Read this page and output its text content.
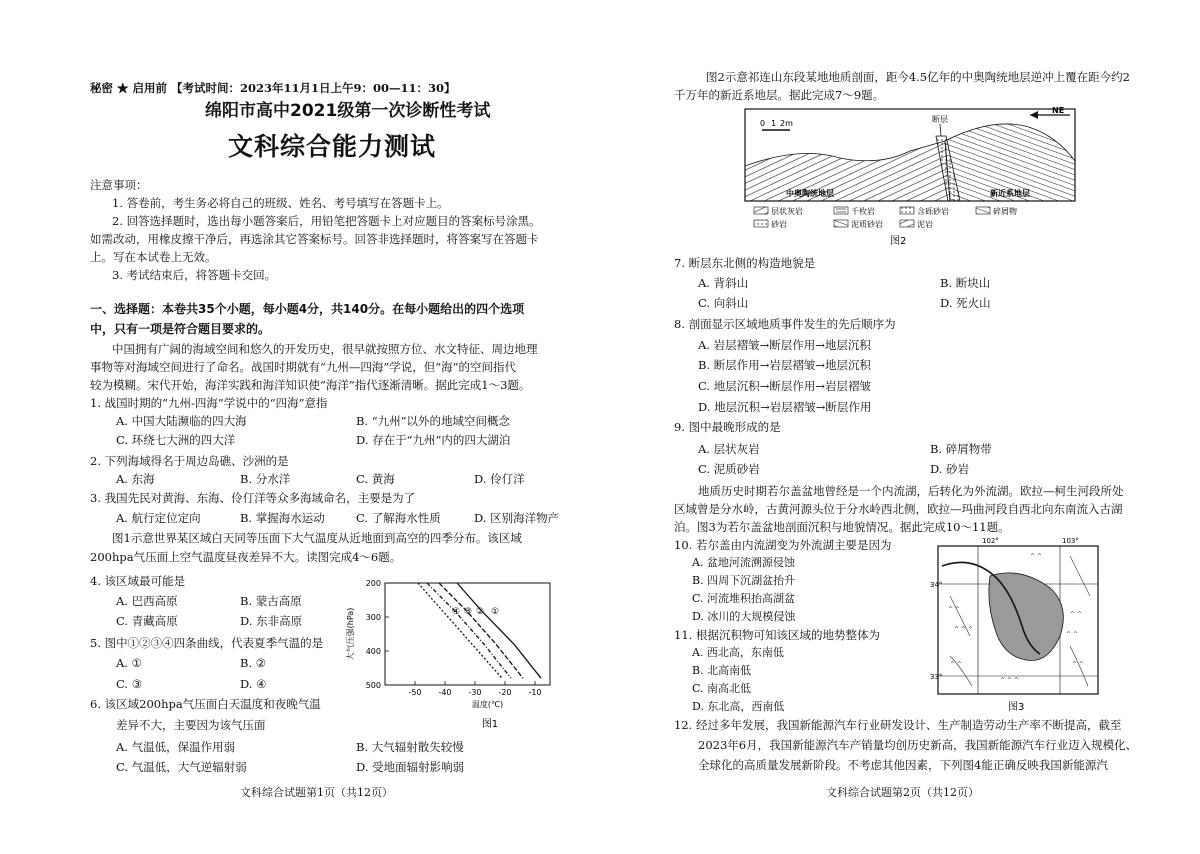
秘密 ★ 启用前 【考试时间：2023年11月1日上午9：00—11：30】
绵阳市高中2021级第一次诊断性考试
文科综合能力测试
注意事项：
1. 答卷前，考生务必将自己的班级、姓名、考号填写在答题卡上。
2. 回答选择题时，选出每小题答案后，用铅笔把答题卡上对应题目的答案标号涂黑。
如需改动，用橡皮擦干净后，再选涂其它答案标号。回答非选择题时，将答案写在答题卡
上。写在本试卷上无效。
3. 考试结束后，将答题卡交回。
一、选择题：本卷共35个小题，每小题4分，共140分。在每小题给出的四个选项
中，只有一项是符合题目要求的。
中国拥有广阔的海域空间和悠久的开发历史，很早就按照方位、水文特征、周边地理
事物等对海域空间进行了命名。战国时期就有“九州—四海”学说，但“海”的空间指代
较为模糊。宋代开始，海洋实践和海洋知识使“海洋”指代逐渐清晰。据此完成1～3题。
1. 战国时期的“九州-四海”学说中的“四海”意指
A. 中国大陆濒临的四大海	B. “九州”以外的地域空间概念
C. 环绕七大洲的四大洋	D. 存在于“九州”内的四大湖泊
2. 下列海域得名于周边岛礁、沙洲的是
A. 东海	B. 分水洋	C. 黄海	D. 伶仃洋
3. 我国先民对黄海、东海、伶仃洋等众多海域命名，主要是为了
A. 航行定位定向	B. 掌握海水运动	C. 了解海水性质	D. 区别海洋物产
图1示意世界某区域白天同等压面下大气温度从近地面到高空的四季分布。该区域
200hpa气压面上空气温度昼夜差异不大。读图完成4～6题。
4. 该区域最可能是
A. 巴西高原	B. 蒙古高原
C. 青藏高原	D. 东非高原
5. 图中①②③④四条曲线，代表夏季气温的是
A. ①	B. ②
C. ③	D. ④
6. 该区域200hpa气压面白天温度和夜晚气温
差异不大，主要因为该气压面
A. 气温低，保温作用弱	B. 大气辐射散失较慢
C. 气温低，大气逆辐射弱	D. 受地面辐射影响弱
200
300
400
500
-50 -40 -30 -20 -10
①
②
③
④
温度(℃)
大气压强(hPa)
图1
文科综合试题第1页（共12页）
图2示意祁连山东段某地地质剖面，距今4.5亿年的中奥陶统地层逆冲上覆在距今约2
千万年的新近系地层。据此完成7～9题。
0 1 2m
NE
断层
中奥陶统地层	新近系地层
层状灰岩	千枚岩	含砾砂岩	碎屑物
砂岩	泥质砂岩	泥岩
图2
7. 断层东北侧的构造地貌是
A. 背斜山	B. 断块山
C. 向斜山	D. 死火山
8. 剖面显示区域地质事件发生的先后顺序为
A. 岩层褶皱→断层作用→地层沉积
B. 断层作用→岩层褶皱→地层沉积
C. 地层沉积→断层作用→岩层褶皱
D. 地层沉积→岩层褶皱→断层作用
9. 图中最晚形成的是
A. 层状灰岩	B. 碎屑物带
C. 泥质砂岩	D. 砂岩
地质历史时期若尔盖盆地曾经是一个内流湖，后转化为外流湖。欧拉—柯生河段所处
区域曾是分水岭，古黄河源头位于分水岭西北侧，欧拉—玛曲河段自西北向东南流入古湖
泊。图3为若尔盖盆地剖面沉积与地貌情况。据此完成10～11题。
10. 若尔盖由内流湖变为外流湖主要是因为
A. 盆地河流溯源侵蚀
B. 四周下沉湖盆抬升
C. 河流堆积抬高湖盆
D. 冰川的大规模侵蚀
11. 根据沉积物可知该区域的地势整体为
A. 西北高，东南低
B. 北高南低
C. 南高北低
D. 东北高，西南低
^ ^
^ ^ ^
^ ^
^ ^
^ ^	^ ^
^ ^ ^
^ ^
102°	103°
34°
33°
图3
12. 经过多年发展，我国新能源汽车行业研发设计、生产制造劳动生产率不断提高，截至
2023年6月，我国新能源汽车产销量均创历史新高，我国新能源汽车行业迈入规模化、
全球化的高质量发展新阶段。不考虑其他因素，下列图4能正确反映我国新能源汽
文科综合试题第2页（共12页）
